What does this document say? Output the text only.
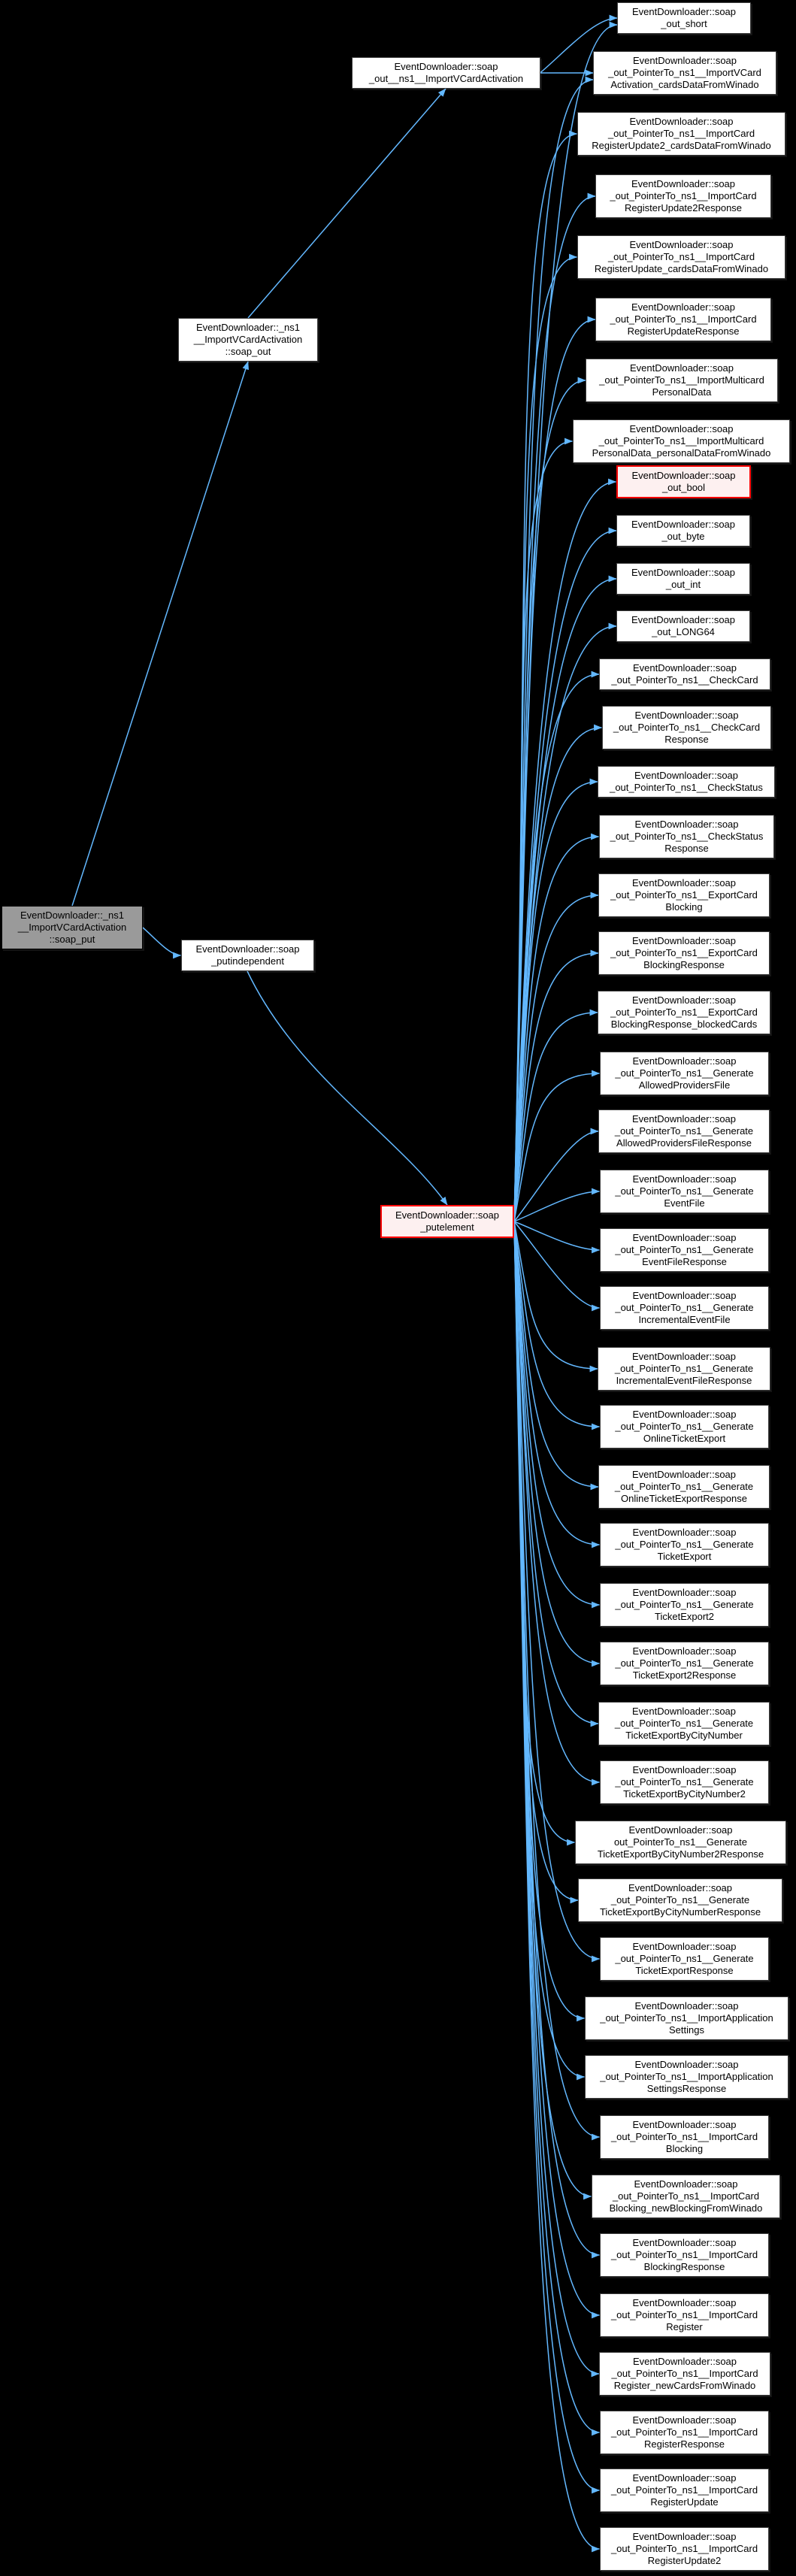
EventDownloader::_ns1
__ImportVCardActivation
::soap_put
EventDownloader::_ns1
__ImportVCardActivation
::soap_out
EventDownloader::soap
_putindependent
EventDownloader::soap
_out__ns1__ImportVCardActivation
EventDownloader::soap
_putelement
EventDownloader::soap
_out_short
EventDownloader::soap
_out_PointerTo_ns1__ImportVCard
Activation_cardsDataFromWinado
EventDownloader::soap
_out_PointerTo_ns1__ImportCard
RegisterUpdate2_cardsDataFromWinado
EventDownloader::soap
_out_PointerTo_ns1__ImportCard
RegisterUpdate2Response
EventDownloader::soap
_out_PointerTo_ns1__ImportCard
RegisterUpdate_cardsDataFromWinado
EventDownloader::soap
_out_PointerTo_ns1__ImportCard
RegisterUpdateResponse
EventDownloader::soap
_out_PointerTo_ns1__ImportMulticard
PersonalData
EventDownloader::soap
_out_PointerTo_ns1__ImportMulticard
PersonalData_personalDataFromWinado
EventDownloader::soap
_out_bool
EventDownloader::soap
_out_byte
EventDownloader::soap
_out_int
EventDownloader::soap
_out_LONG64
EventDownloader::soap
_out_PointerTo_ns1__CheckCard
EventDownloader::soap
_out_PointerTo_ns1__CheckCard
Response
EventDownloader::soap
_out_PointerTo_ns1__CheckStatus
EventDownloader::soap
_out_PointerTo_ns1__CheckStatus
Response
EventDownloader::soap
_out_PointerTo_ns1__ExportCard
Blocking
EventDownloader::soap
_out_PointerTo_ns1__ExportCard
BlockingResponse
EventDownloader::soap
_out_PointerTo_ns1__ExportCard
BlockingResponse_blockedCards
EventDownloader::soap
_out_PointerTo_ns1__Generate
AllowedProvidersFile
EventDownloader::soap
_out_PointerTo_ns1__Generate
AllowedProvidersFileResponse
EventDownloader::soap
_out_PointerTo_ns1__Generate
EventFile
EventDownloader::soap
_out_PointerTo_ns1__Generate
EventFileResponse
EventDownloader::soap
_out_PointerTo_ns1__Generate
IncrementalEventFile
EventDownloader::soap
_out_PointerTo_ns1__Generate
IncrementalEventFileResponse
EventDownloader::soap
_out_PointerTo_ns1__Generate
OnlineTicketExport
EventDownloader::soap
_out_PointerTo_ns1__Generate
OnlineTicketExportResponse
EventDownloader::soap
_out_PointerTo_ns1__Generate
TicketExport
EventDownloader::soap
_out_PointerTo_ns1__Generate
TicketExport2
EventDownloader::soap
_out_PointerTo_ns1__Generate
TicketExport2Response
EventDownloader::soap
_out_PointerTo_ns1__Generate
TicketExportByCityNumber
EventDownloader::soap
_out_PointerTo_ns1__Generate
TicketExportByCityNumber2
EventDownloader::soap
out_PointerTo_ns1__Generate
TicketExportByCityNumber2Response
EventDownloader::soap
_out_PointerTo_ns1__Generate
TicketExportByCityNumberResponse
EventDownloader::soap
_out_PointerTo_ns1__Generate
TicketExportResponse
EventDownloader::soap
_out_PointerTo_ns1__ImportApplication
Settings
EventDownloader::soap
_out_PointerTo_ns1__ImportApplication
SettingsResponse
EventDownloader::soap
_out_PointerTo_ns1__ImportCard
Blocking
EventDownloader::soap
_out_PointerTo_ns1__ImportCard
Blocking_newBlockingFromWinado
EventDownloader::soap
_out_PointerTo_ns1__ImportCard
BlockingResponse
EventDownloader::soap
_out_PointerTo_ns1__ImportCard
Register
EventDownloader::soap
_out_PointerTo_ns1__ImportCard
Register_newCardsFromWinado
EventDownloader::soap
_out_PointerTo_ns1__ImportCard
RegisterResponse
EventDownloader::soap
_out_PointerTo_ns1__ImportCard
RegisterUpdate
EventDownloader::soap
_out_PointerTo_ns1__ImportCard
RegisterUpdate2
